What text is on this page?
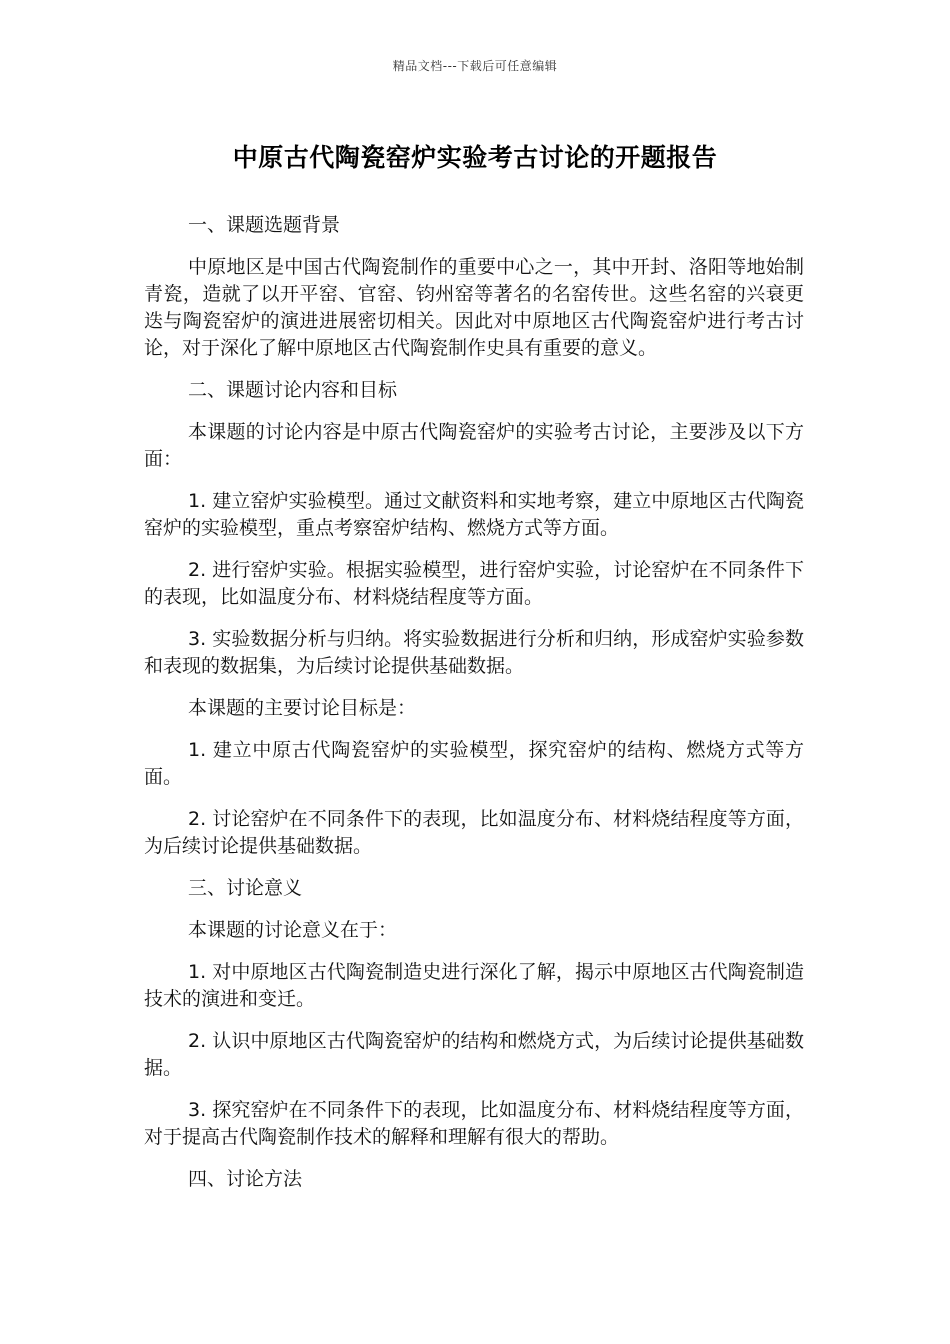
精品文档---下载后可任意编辑
中原古代陶瓷窑炉实验考古讨论的开题报告
一、课题选题背景
中原地区是中国古代陶瓷制作的重要中心之一，其中开封、洛阳等地始制青瓷，造就了以开平窑、官窑、钧州窑等著名的名窑传世。这些名窑的兴衰更迭与陶瓷窑炉的演进进展密切相关。因此对中原地区古代陶瓷窑炉进行考古讨论，对于深化了解中原地区古代陶瓷制作史具有重要的意义。
二、课题讨论内容和目标
本课题的讨论内容是中原古代陶瓷窑炉的实验考古讨论，主要涉及以下方面：
1. 建立窑炉实验模型。通过文献资料和实地考察，建立中原地区古代陶瓷窑炉的实验模型，重点考察窑炉结构、燃烧方式等方面。
2. 进行窑炉实验。根据实验模型，进行窑炉实验，讨论窑炉在不同条件下的表现，比如温度分布、材料烧结程度等方面。
3. 实验数据分析与归纳。将实验数据进行分析和归纳，形成窑炉实验参数和表现的数据集，为后续讨论提供基础数据。
本课题的主要讨论目标是：
1. 建立中原古代陶瓷窑炉的实验模型，探究窑炉的结构、燃烧方式等方面。
2. 讨论窑炉在不同条件下的表现，比如温度分布、材料烧结程度等方面，为后续讨论提供基础数据。
三、讨论意义
本课题的讨论意义在于：
1. 对中原地区古代陶瓷制造史进行深化了解，揭示中原地区古代陶瓷制造技术的演进和变迁。
2. 认识中原地区古代陶瓷窑炉的结构和燃烧方式，为后续讨论提供基础数据。
3. 探究窑炉在不同条件下的表现，比如温度分布、材料烧结程度等方面，对于提高古代陶瓷制作技术的解释和理解有很大的帮助。
四、讨论方法
